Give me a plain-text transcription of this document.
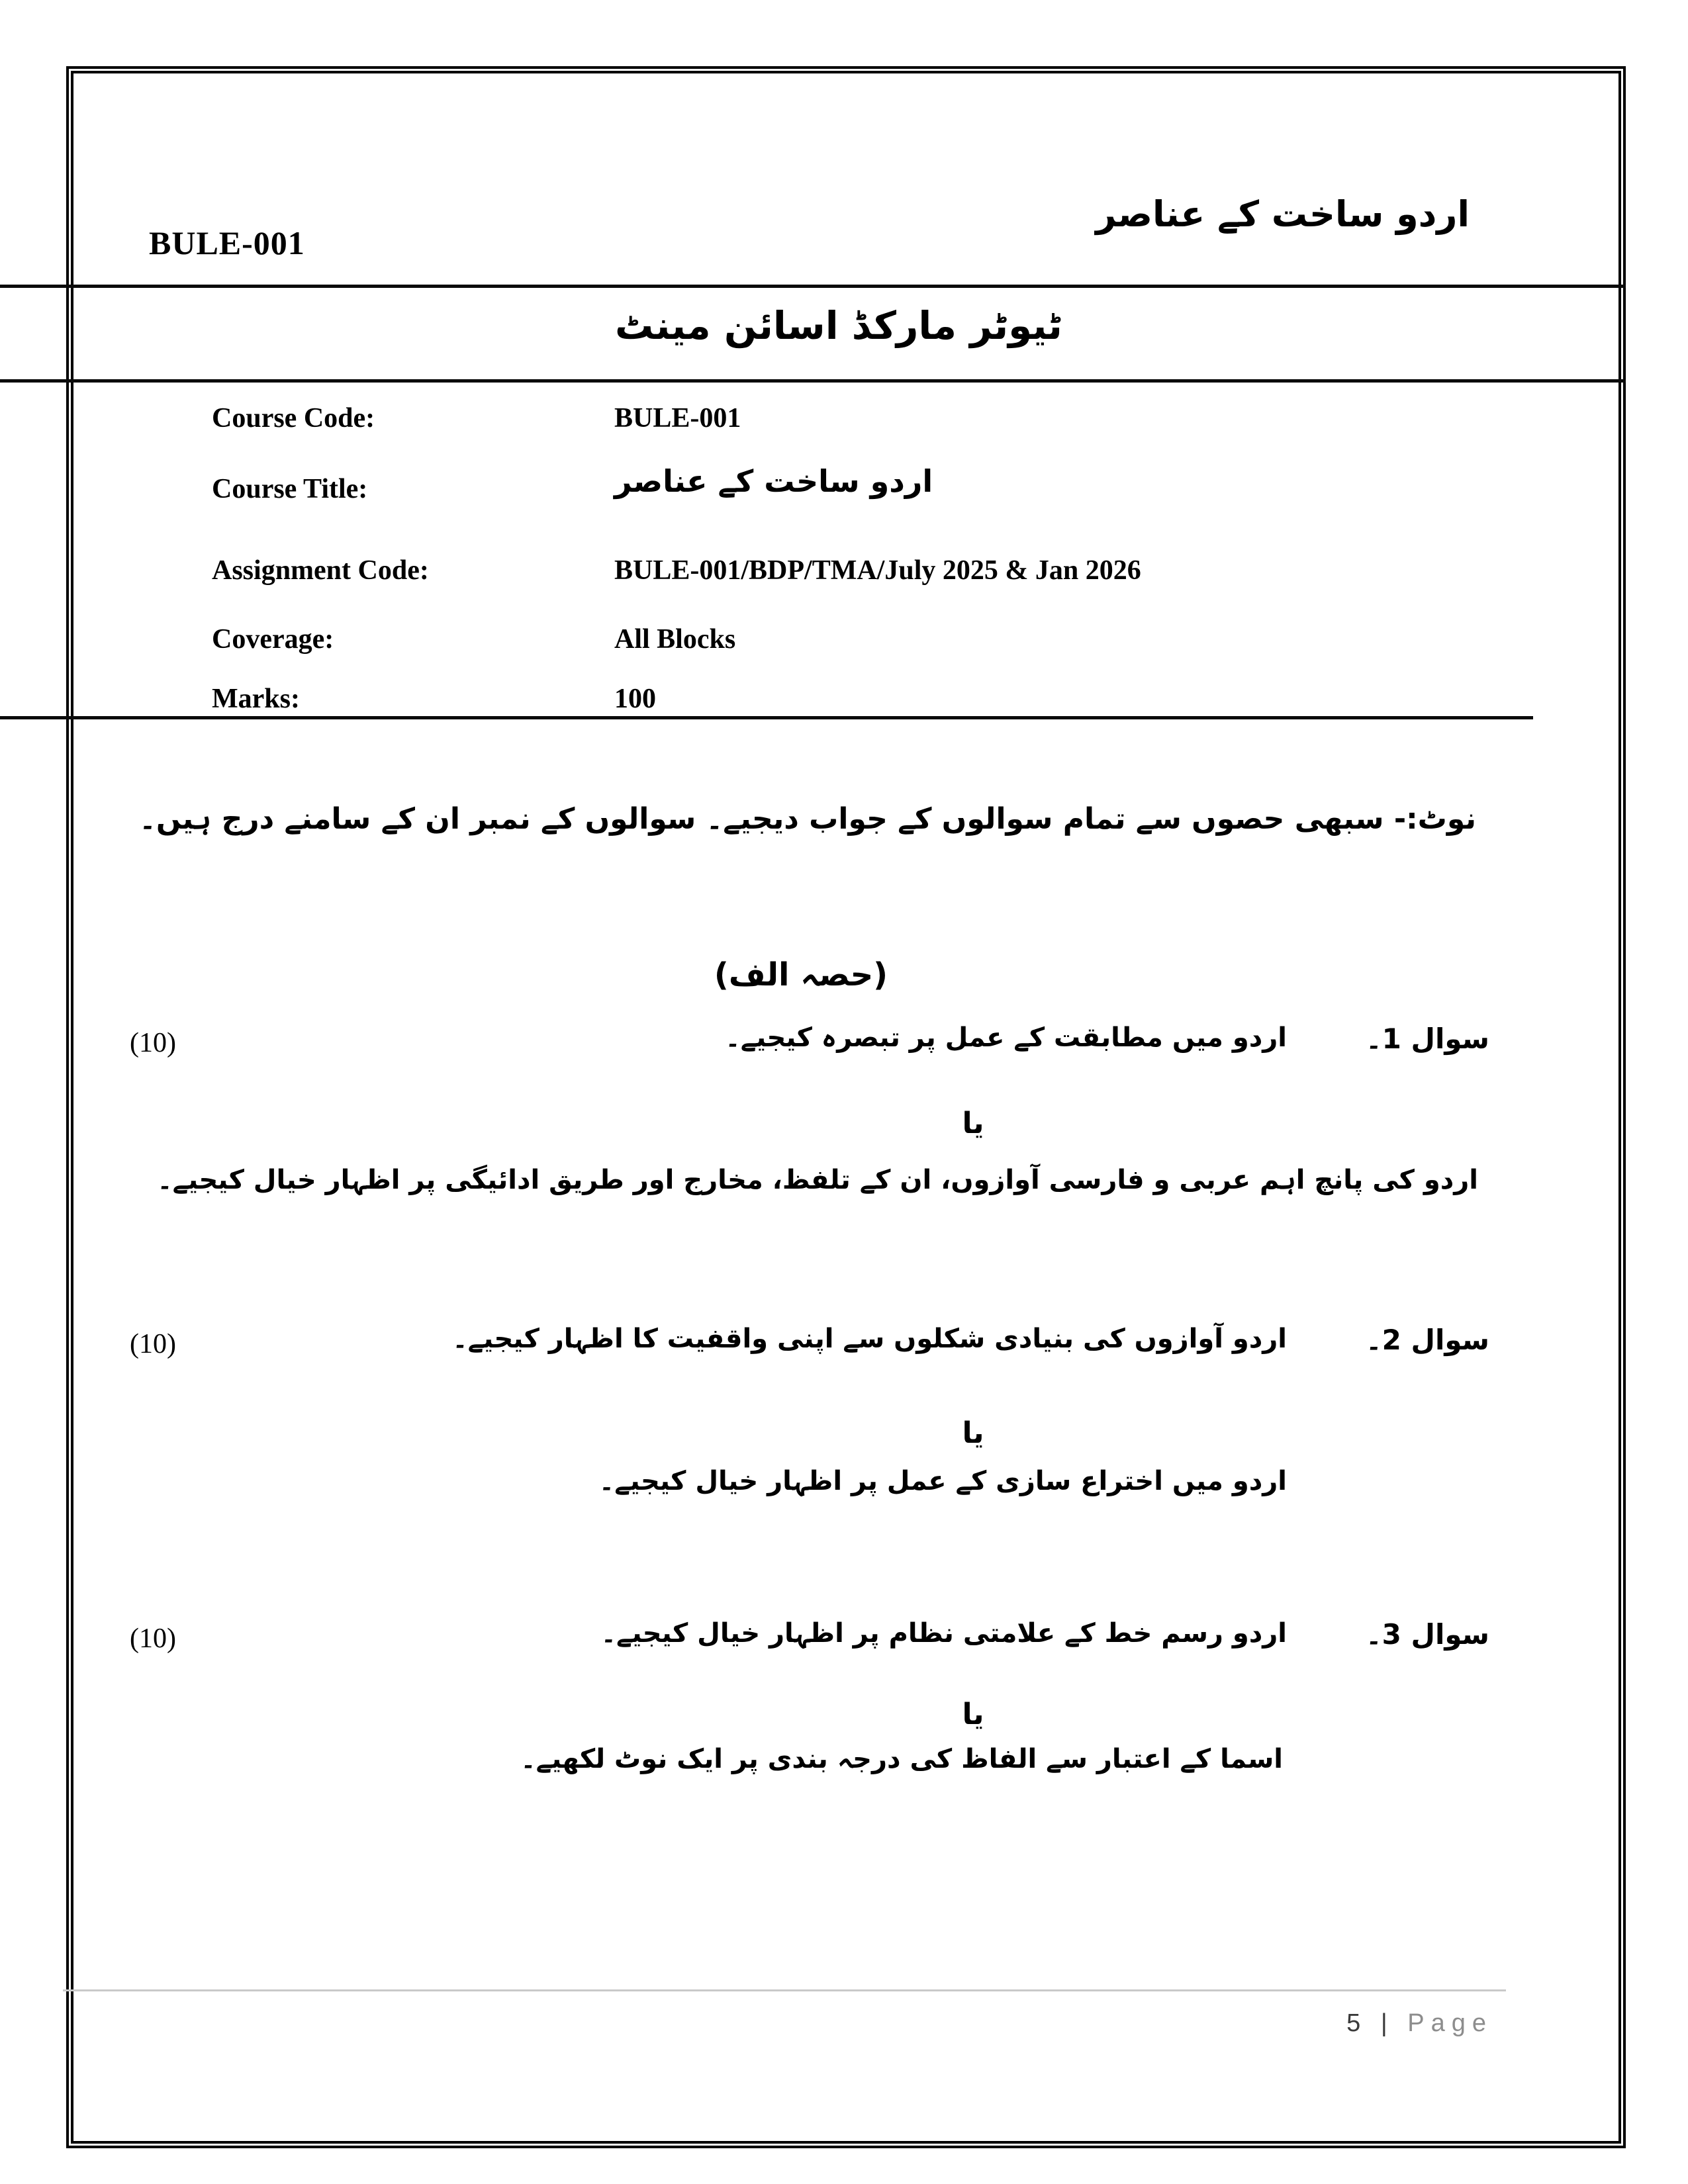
BULE-001
اردو ساخت کے عناصر
ٹیوٹر مارکڈ اسائن مینٹ
Course Code:	BULE-001
Course Title:	اردو ساخت کے عناصر
Assignment Code:	BULE-001/BDP/TMA/July 2025 & Jan 2026
Coverage:	All Blocks
Marks:	100
نوٹ:- سبھی حصوں سے تمام سوالوں کے جواب دیجیے۔ سوالوں کے نمبر ان کے سامنے درج ہیں۔
(حصہ الف)
سوال 1۔
اردو میں مطابقت کے عمل پر تبصرہ کیجیے۔
(10)
یا
اردو کی پانچ اہم عربی و فارسی آوازوں، ان کے تلفظ، مخارج اور طریق ادائیگی پر اظہار خیال کیجیے۔
سوال 2۔
اردو آوازوں کی بنیادی شکلوں سے اپنی واقفیت کا اظہار کیجیے۔
(10)
یا
اردو میں اختراع سازی کے عمل پر اظہار خیال کیجیے۔
سوال 3۔
اردو رسم خط کے علامتی نظام پر اظہار خیال کیجیے۔
(10)
یا
اسما کے اعتبار سے الفاظ کی درجہ بندی پر ایک نوٹ لکھیے۔
5 | Page
